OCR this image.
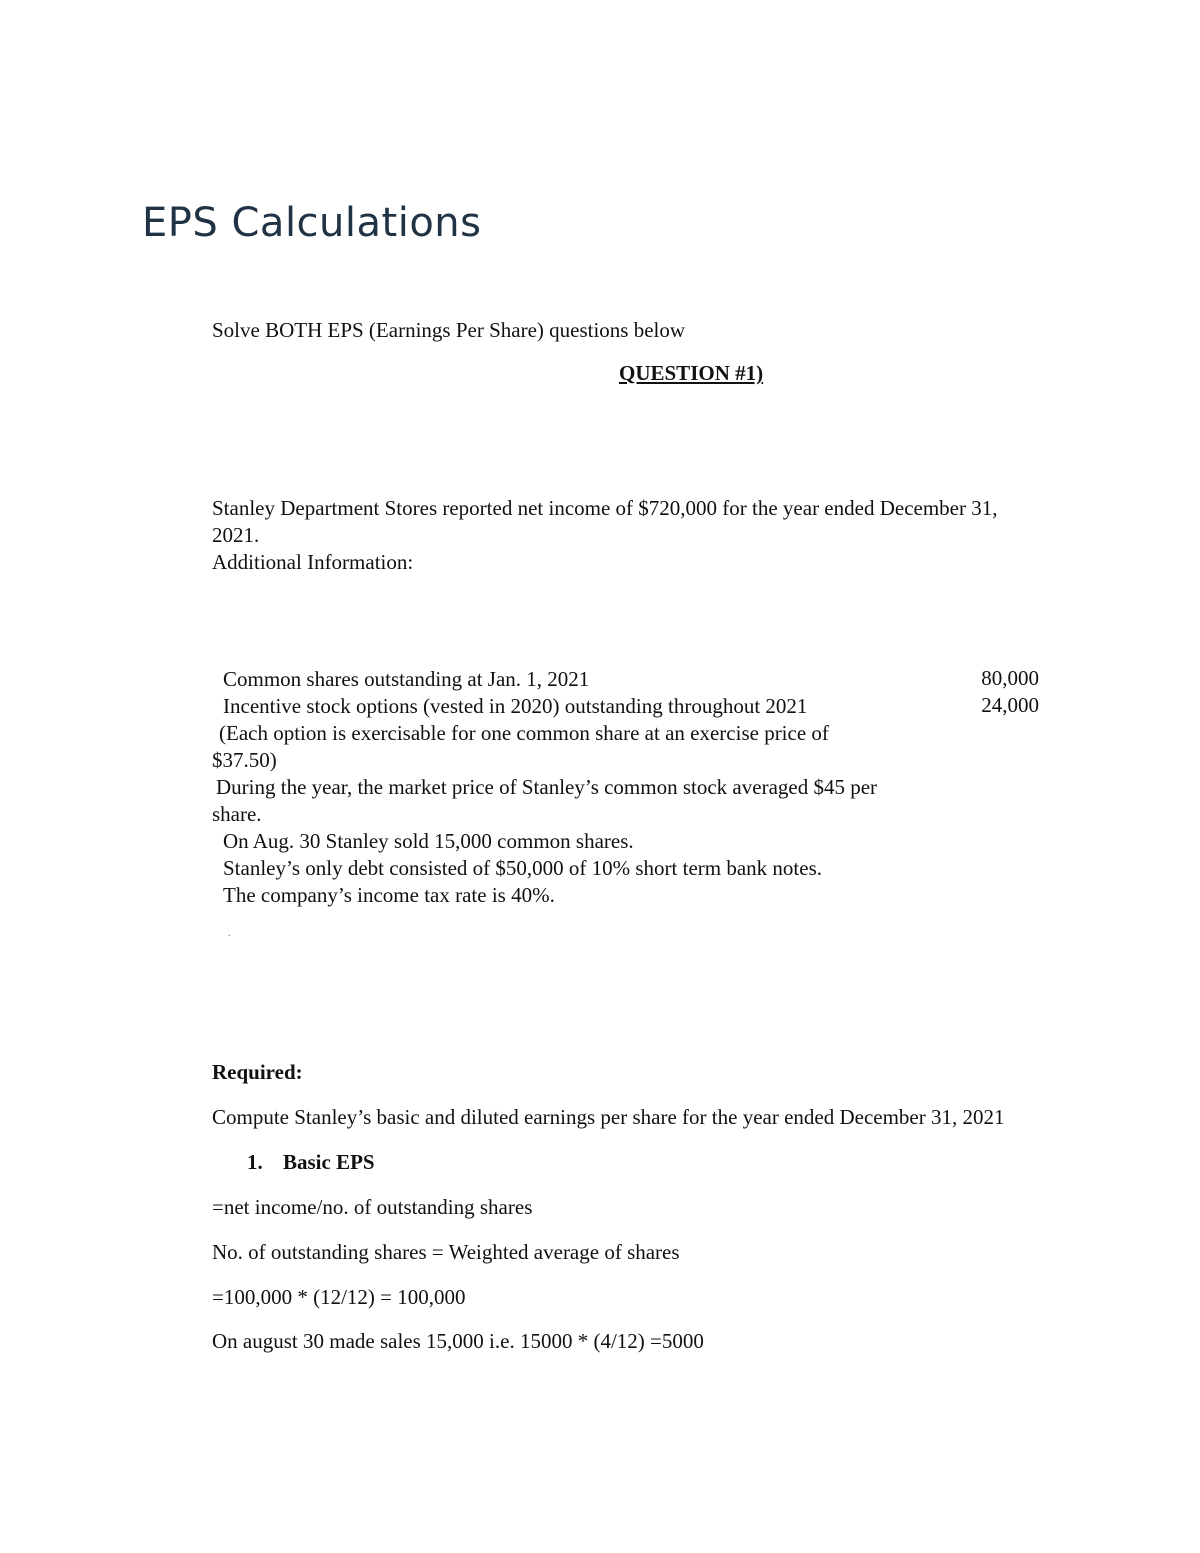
EPS Calculations
Solve BOTH EPS (Earnings Per Share) questions below
QUESTION #1)
Stanley Department Stores reported net income of $720,000 for the year ended December 31,
2021.
Additional Information:
Common shares outstanding at Jan. 1, 2021	80,000
Incentive stock options (vested in 2020) outstanding throughout 2021	24,000
(Each option is exercisable for one common share at an exercise price of
$37.50)
During the year, the market price of Stanley’s common stock averaged $45 per
share.
On Aug. 30 Stanley sold 15,000 common shares.
Stanley’s only debt consisted of $50,000 of 10% short term bank notes.
The company’s income tax rate is 40%.
.
Required:
Compute Stanley’s basic and diluted earnings per share for the year ended December 31, 2021
1. Basic EPS
=net income/no. of outstanding shares
No. of outstanding shares = Weighted average of shares
=100,000 * (12/12) = 100,000
On august 30 made sales 15,000 i.e. 15000 * (4/12) =5000
